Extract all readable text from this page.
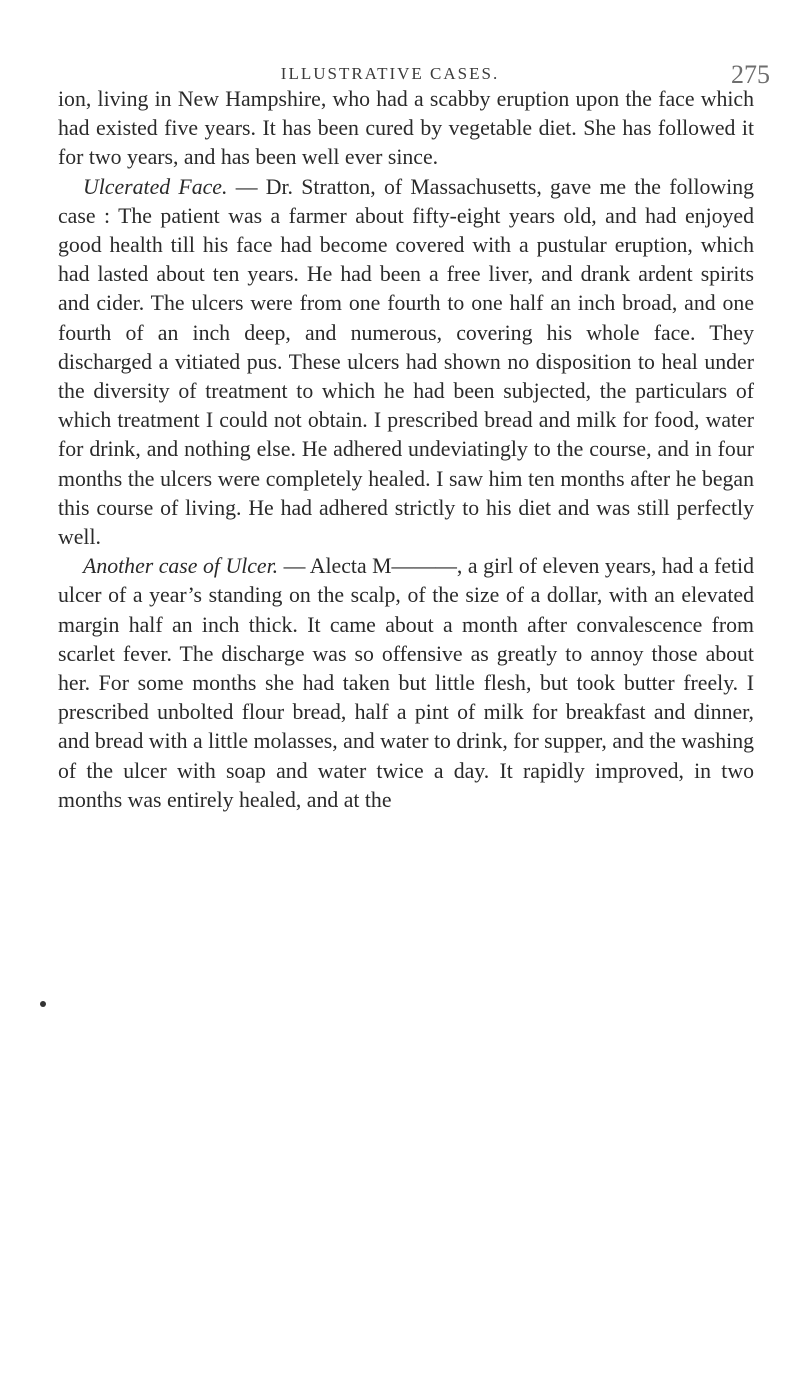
ILLUSTRATIVE CASES.	275

ion, living in New Hampshire, who had a scabby eruption upon the face which had existed five years. It has been cured by vegetable diet. She has followed it for two years, and has been well ever since.

Ulcerated Face. — Dr. Stratton, of Massachusetts, gave me the following case : The patient was a farmer about fifty-eight years old, and had enjoyed good health till his face had become covered with a pustular eruption, which had lasted about ten years. He had been a free liver, and drank ardent spirits and cider. The ulcers were from one fourth to one half an inch broad, and one fourth of an inch deep, and numerous, covering his whole face. They discharged a vitiated pus. These ulcers had shown no disposition to heal under the diversity of treatment to which he had been subjected, the particulars of which treatment I could not obtain. I prescribed bread and milk for food, water for drink, and nothing else. He adhered undeviatingly to the course, and in four months the ulcers were completely healed. I saw him ten months after he began this course of living. He had adhered strictly to his diet and was still perfectly well.

Another case of Ulcer. — Alecta M———, a girl of eleven years, had a fetid ulcer of a year’s standing on the scalp, of the size of a dollar, with an elevated margin half an inch thick. It came about a month after convalescence from scarlet fever. The discharge was so offensive as greatly to annoy those about her. For some months she had taken but little flesh, but took butter freely. I prescribed unbolted flour bread, half a pint of milk for breakfast and dinner, and bread with a little molasses, and water to drink, for supper, and the washing of the ulcer with soap and water twice a day. It rapidly improved, in two months was entirely healed, and at the
